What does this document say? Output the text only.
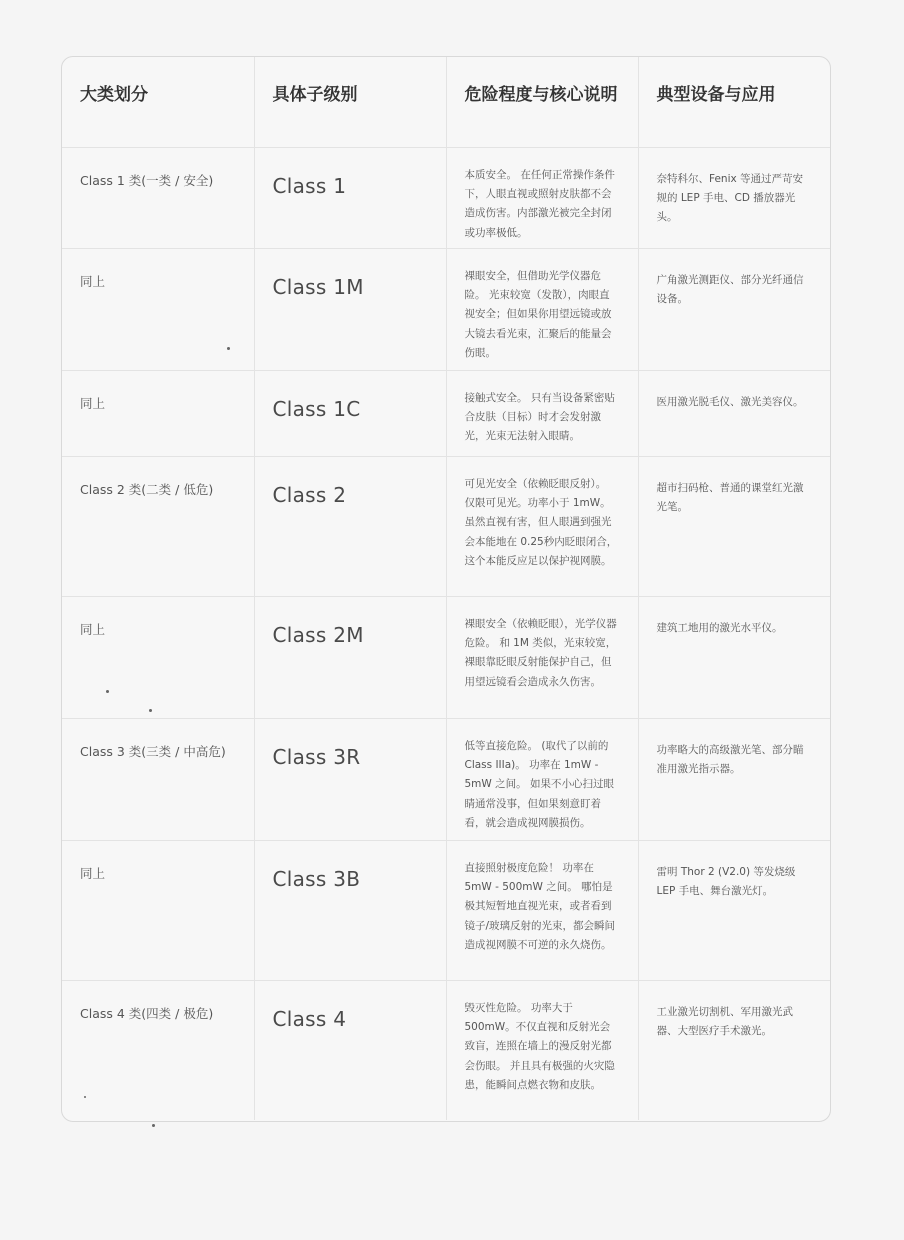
大类划分	具体子级别	危险程度与核心说明	典型设备与应用

Class 1 类(一类 / 安全)	Class 1	本质安全。 在任何正常操作条件下，人眼直视或照射皮肤都不会造成伤害。内部激光被完全封闭或功率极低。	奈特科尔、Fenix 等通过严苛安规的 LEP 手电、CD 播放器光头。

同上	Class 1M	裸眼安全，但借助光学仪器危险。 光束较宽（发散），肉眼直视安全；但如果你用望远镜或放大镜去看光束，汇聚后的能量会伤眼。	广角激光测距仪、部分光纤通信设备。

同上	Class 1C	接触式安全。 只有当设备紧密贴合皮肤（目标）时才会发射激光，光束无法射入眼睛。	医用激光脱毛仪、激光美容仪。

Class 2 类(二类 / 低危)	Class 2	可见光安全（依赖眨眼反射）。 仅限可见光。功率小于 1mW。虽然直视有害，但人眼遇到强光会本能地在 0.25秒内眨眼闭合，这个本能反应足以保护视网膜。	超市扫码枪、普通的课堂红光激光笔。

同上	Class 2M	裸眼安全（依赖眨眼），光学仪器危险。 和 1M 类似，光束较宽，裸眼靠眨眼反射能保护自己，但用望远镜看会造成永久伤害。	建筑工地用的激光水平仪。

Class 3 类(三类 / 中高危)	Class 3R	低等直接危险。 (取代了以前的 Class IIIa)。 功率在 1mW - 5mW 之间。 如果不小心扫过眼睛通常没事，但如果刻意盯着看，就会造成视网膜损伤。	功率略大的高级激光笔、部分瞄准用激光指示器。

同上	Class 3B	直接照射极度危险！ 功率在 5mW - 500mW 之间。 哪怕是极其短暂地直视光束，或者看到镜子/玻璃反射的光束，都会瞬间造成视网膜不可逆的永久烧伤。	雷明 Thor 2 (V2.0) 等发烧级 LEP 手电、舞台激光灯。

Class 4 类(四类 / 极危)	Class 4	毁灭性危险。 功率大于 500mW。不仅直视和反射光会致盲，连照在墙上的漫反射光都会伤眼。 并且具有极强的火灾隐患，能瞬间点燃衣物和皮肤。	工业激光切割机、军用激光武器、大型医疗手术激光。
